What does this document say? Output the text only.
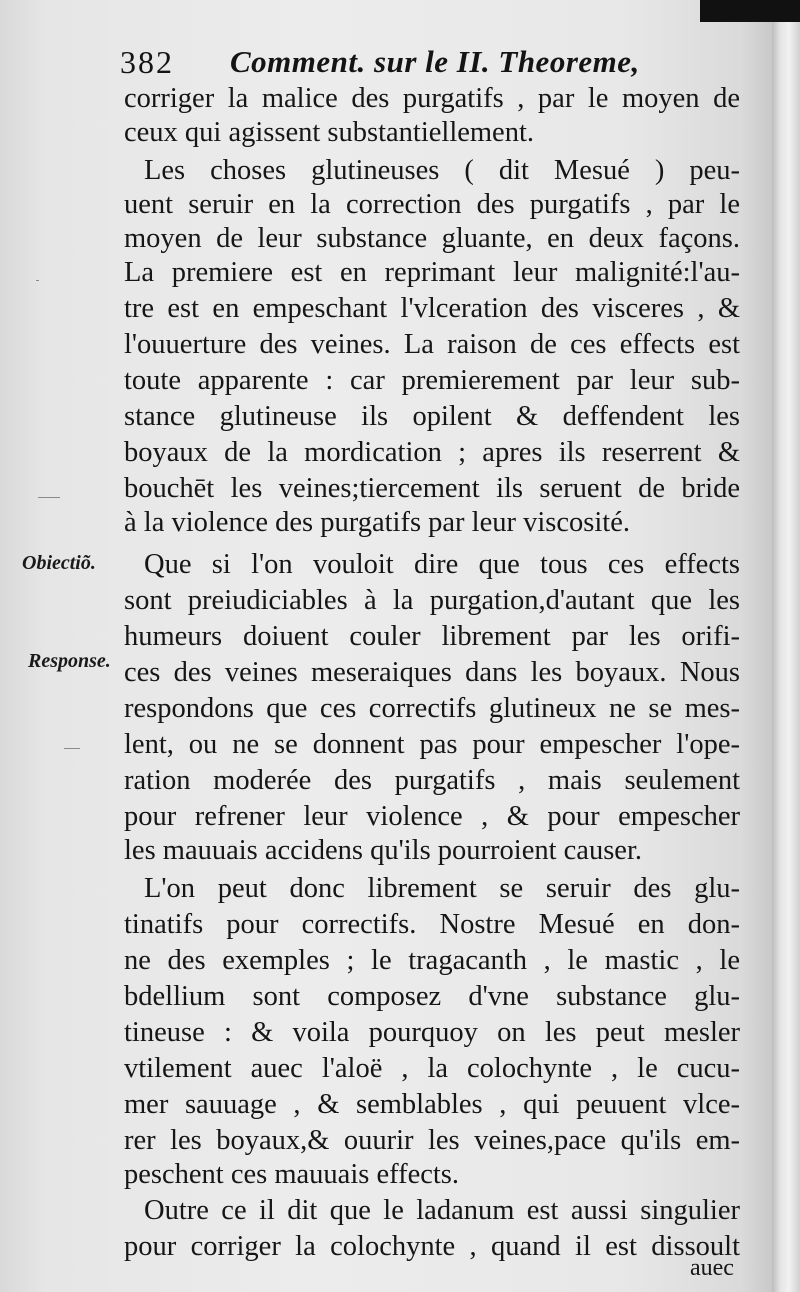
382 Comment. sur le II. Theoreme,
Obiectiõ.
Response.
corriger la malice des purgatifs , par le moyen de
ceux qui agissent substantiellement.
Les choses glutineuses ( dit Mesué ) peu-
uent seruir en la correction des purgatifs , par le
moyen de leur substance gluante, en deux façons.
La premiere est en reprimant leur malignité:l'au-
tre est en empeschant l'vlceration des visceres , &
l'ouuerture des veines. La raison de ces effects est
toute apparente : car premierement par leur sub-
stance glutineuse ils opilent & deffendent les
boyaux de la mordication ; apres ils reserrent &
bouchēt les veines;tiercement ils seruent de bride
à la violence des purgatifs par leur viscosité.
Que si l'on vouloit dire que tous ces effects
sont preiudiciables à la purgation,d'autant que les
humeurs doiuent couler librement par les orifi-
ces des veines meseraiques dans les boyaux. Nous
respondons que ces correctifs glutineux ne se mes-
lent, ou ne se donnent pas pour empescher l'ope-
ration moderée des purgatifs , mais seulement
pour refrener leur violence , & pour empescher
les mauuais accidens qu'ils pourroient causer.
L'on peut donc librement se seruir des glu-
tinatifs pour correctifs. Nostre Mesué en don-
ne des exemples ; le tragacanth , le mastic , le
bdellium sont composez d'vne substance glu-
tineuse : & voila pourquoy on les peut mesler
vtilement auec l'aloë , la colochynte , le cucu-
mer sauuage , & semblables , qui peuuent vlce-
rer les boyaux,& ouurir les veines,pace qu'ils em-
peschent ces mauuais effects.
Outre ce il dit que le ladanum est aussi singulier
pour corriger la colochynte , quand il est dissoult
auec
